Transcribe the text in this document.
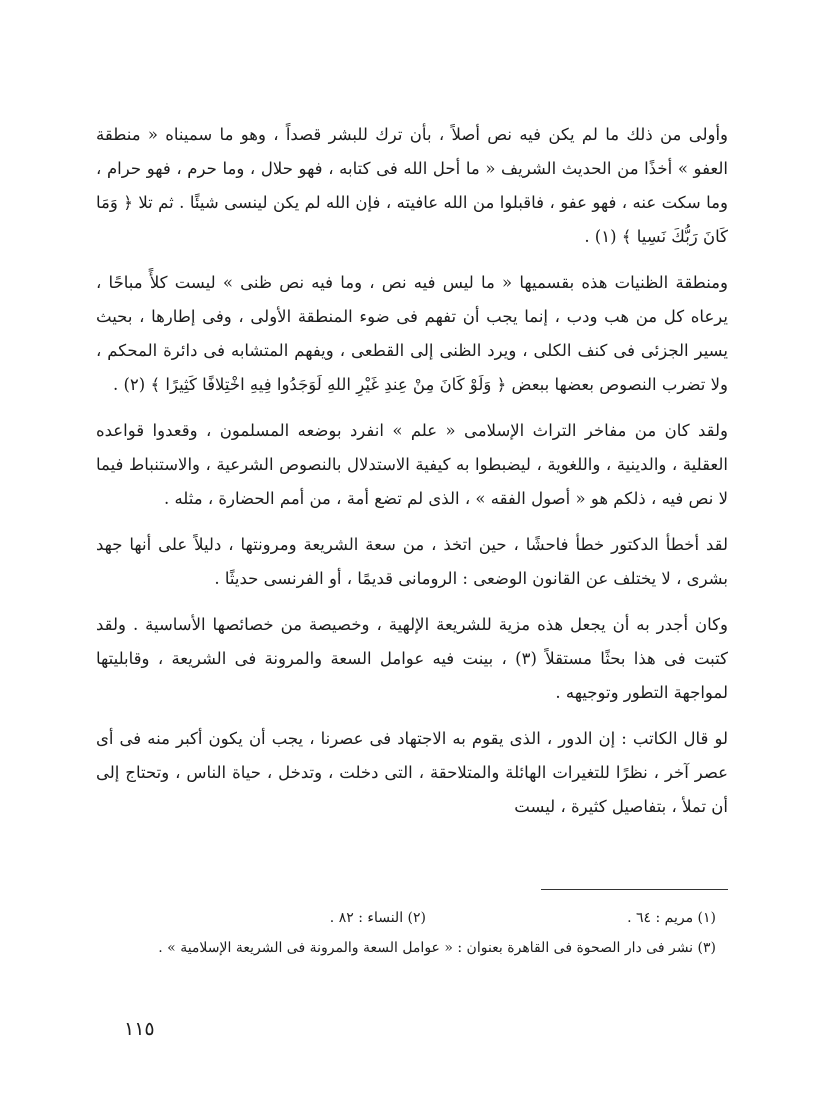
وأولى من ذلك ما لم يكن فيه نص أصلاً ، بأن ترك للبشر قصداً ، وهو ما سميناه « منطقة العفو » أخذًا من الحديث الشريف « ما أحل الله فى كتابه ، فهو حلال ، وما حرم ، فهو حرام ، وما سكت عنه ، فهو عفو ، فاقبلوا من الله عافيته ، فإن الله لم يكن لينسى شيئًا . ثم تلا ﴿ وَمَا كَانَ رَبُّكَ نَسِيا ﴾ (١) .

ومنطقة الظنيات هذه بقسميها « ما ليس فيه نص ، وما فيه نص ظنى » ليست كلأً مباحًا ، يرعاه كل من هب ودب ، إنما يجب أن تفهم فى ضوء المنطقة الأولى ، وفى إطارها ، بحيث يسير الجزئى فى كنف الكلى ، ويرد الظنى إلى القطعى ، ويفهم المتشابه فى دائرة المحكم ، ولا تضرب النصوص بعضها ببعض ﴿ وَلَوْ كَانَ مِنْ عِندِ غَيْرِ اللهِ لَوَجَدُوا فِيهِ اخْتِلافًا كَثِيرًا ﴾ (٢) .

ولقد كان من مفاخر التراث الإسلامى « علم » انفرد بوضعه المسلمون ، وقعدوا قواعده العقلية ، والدينية ، واللغوية ، ليضبطوا به كيفية الاستدلال بالنصوص الشرعية ، والاستنباط فيما لا نص فيه ، ذلكم هو « أصول الفقه » ، الذى لم تضع أمة ، من أمم الحضارة ، مثله .

لقد أخطأ الدكتور خطأ فاحشًا ، حين اتخذ ، من سعة الشريعة ومرونتها ، دليلاً على أنها جهد بشرى ، لا يختلف عن القانون الوضعى : الرومانى قديمًا ، أو الفرنسى حديثًا .

وكان أجدر به أن يجعل هذه مزية للشريعة الإلهية ، وخصيصة من خصائصها الأساسية . ولقد كتبت فى هذا بحثًا مستقلاً (٣) ، بينت فيه عوامل السعة والمرونة فى الشريعة ، وقابليتها لمواجهة التطور وتوجيهه .

لو قال الكاتب : إن الدور ، الذى يقوم به الاجتهاد فى عصرنا ، يجب أن يكون أكبر منه فى أى عصر آخر ، نظرًا للتغيرات الهائلة والمتلاحقة ، التى دخلت ، وتدخل ، حياة الناس ، وتحتاج إلى أن تملأ ، بتفاصيل كثيرة ، ليست

(١) مريم : ٦٤ .
(٢) النساء : ٨٢ .

(٣) نشر فى دار الصحوة فى القاهرة بعنوان : « عوامل السعة والمرونة فى الشريعة الإسلامية » .

١١٥
